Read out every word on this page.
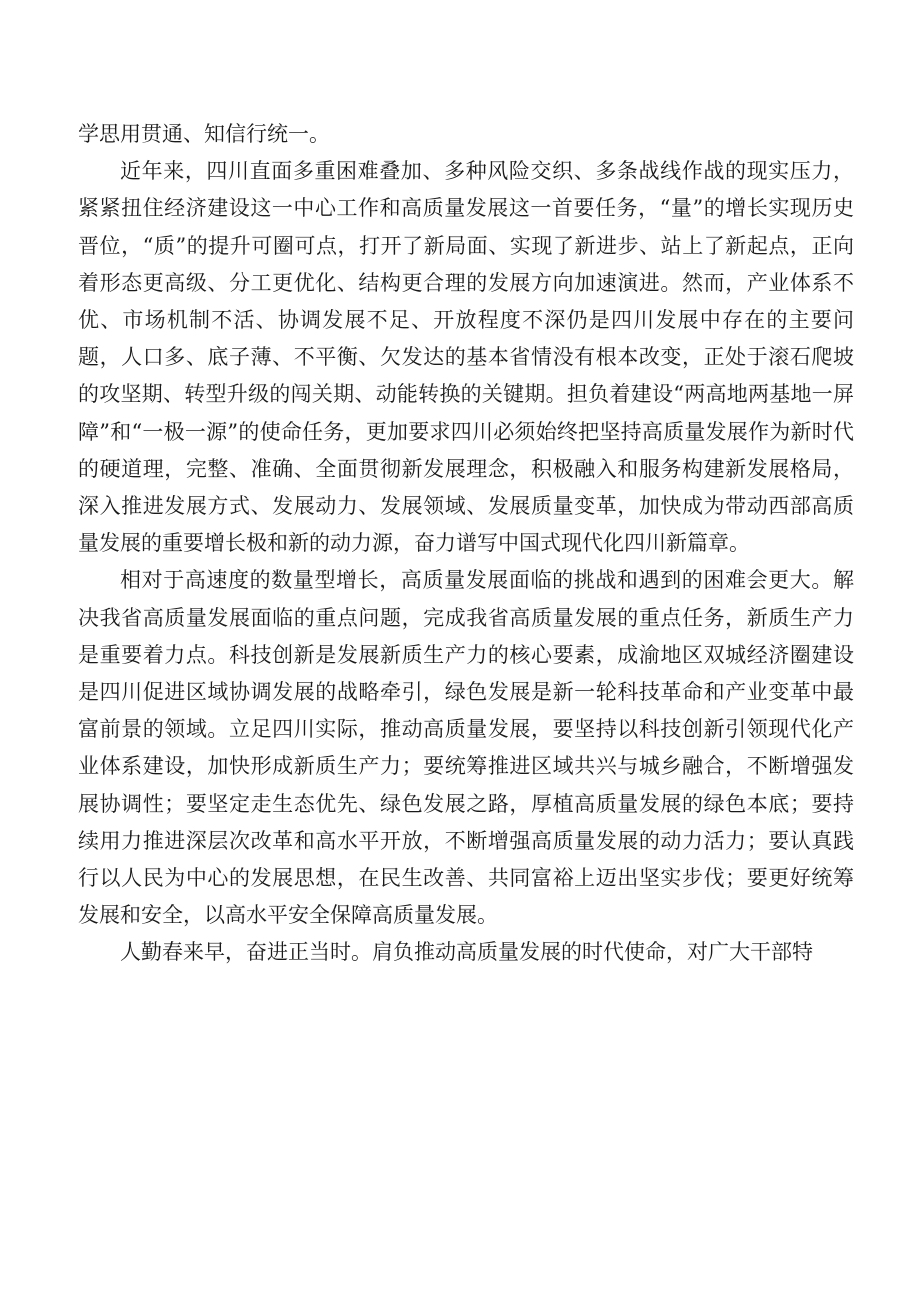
学思用贯通、知信行统一。

近年来，四川直面多重困难叠加、多种风险交织、多条战线作战的现实压力，紧紧扭住经济建设这一中心工作和高质量发展这一首要任务，“量”的增长实现历史晋位，“质”的提升可圈可点，打开了新局面、实现了新进步、站上了新起点，正向着形态更高级、分工更优化、结构更合理的发展方向加速演进。然而，产业体系不优、市场机制不活、协调发展不足、开放程度不深仍是四川发展中存在的主要问题，人口多、底子薄、不平衡、欠发达的基本省情没有根本改变，正处于滚石爬坡的攻坚期、转型升级的闯关期、动能转换的关键期。担负着建设“两高地两基地一屏障”和“一极一源”的使命任务，更加要求四川必须始终把坚持高质量发展作为新时代的硬道理，完整、准确、全面贯彻新发展理念，积极融入和服务构建新发展格局，深入推进发展方式、发展动力、发展领域、发展质量变革，加快成为带动西部高质量发展的重要增长极和新的动力源，奋力谱写中国式现代化四川新篇章。

相对于高速度的数量型增长，高质量发展面临的挑战和遇到的困难会更大。解决我省高质量发展面临的重点问题，完成我省高质量发展的重点任务，新质生产力是重要着力点。科技创新是发展新质生产力的核心要素，成渝地区双城经济圈建设是四川促进区域协调发展的战略牵引，绿色发展是新一轮科技革命和产业变革中最富前景的领域。立足四川实际，推动高质量发展，要坚持以科技创新引领现代化产业体系建设，加快形成新质生产力；要统筹推进区域共兴与城乡融合，不断增强发展协调性；要坚定走生态优先、绿色发展之路，厚植高质量发展的绿色本底；要持续用力推进深层次改革和高水平开放，不断增强高质量发展的动力活力；要认真践行以人民为中心的发展思想，在民生改善、共同富裕上迈出坚实步伐；要更好统筹发展和安全，以高水平安全保障高质量发展。

人勤春来早，奋进正当时。肩负推动高质量发展的时代使命，对广大干部特
